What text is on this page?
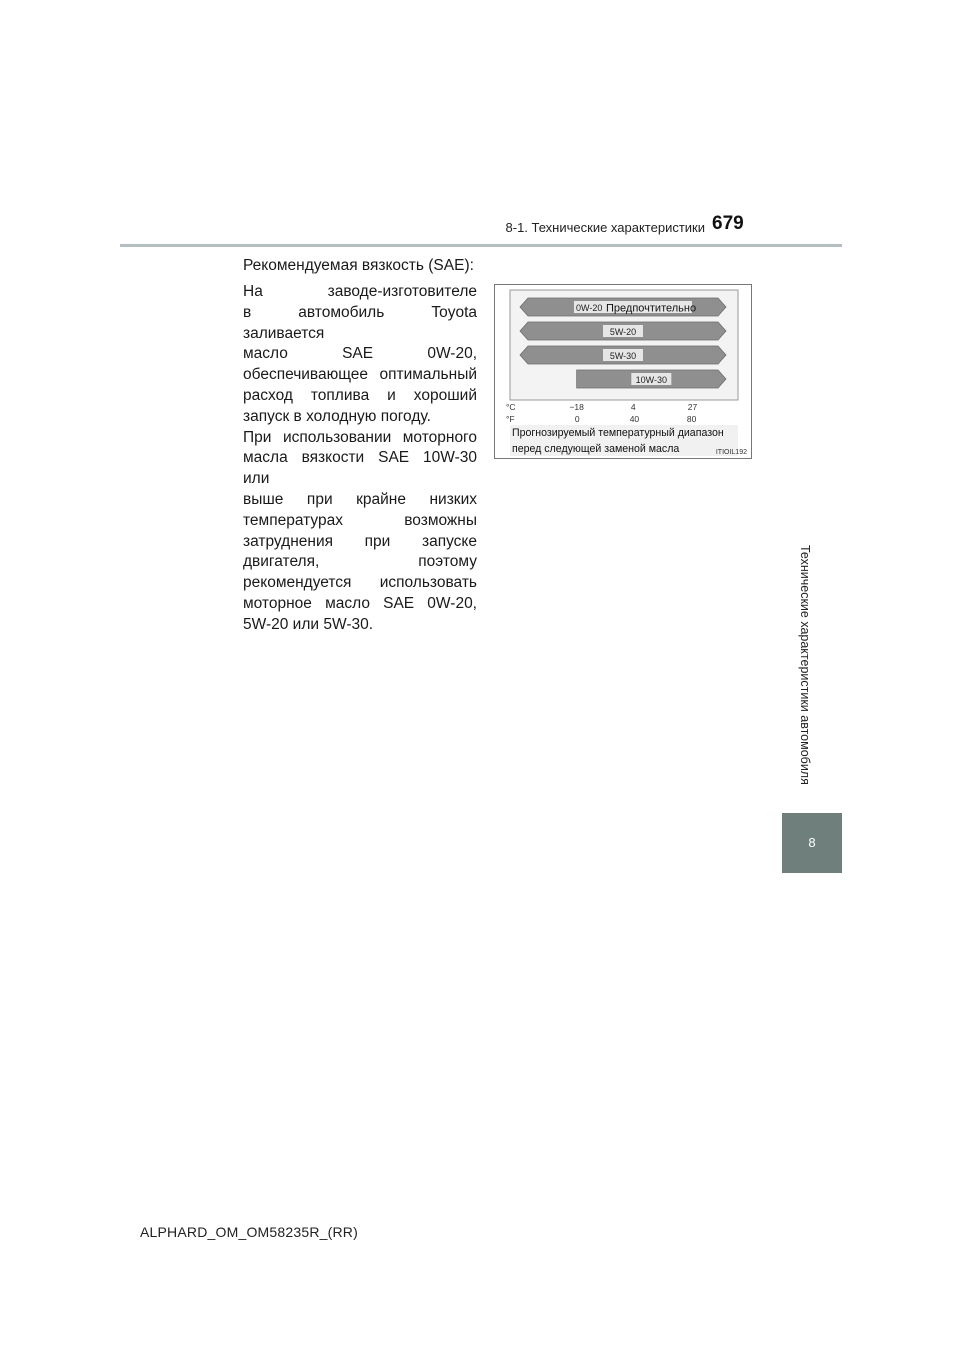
8-1. Технические характеристики 679
Технические характеристики автомобиля
8
Рекомендуемая вязкость (SAE):

На заводе-изготовителе

в автомобиль Toyota заливается

масло SAE 0W-20,

обеспечивающее оптимальный

расход топлива и хороший

запуск в холодную погоду.

При использовании моторного

масла вязкости SAE 10W-30 или

выше при крайне низких

температурах возможны

затруднения при запуске

двигателя, поэтому

рекомендуется использовать

моторное масло SAE 0W-20,

5W-20 или 5W-30.

0W-20 Предпочтительно
5W-20
5W-30
10W-30
°C
°F
−18	4	27
0	40	80
Прогнозируемый температурный диапазон
перед следующей заменой масла	ITIOIL192
ALPHARD_OM_OM58235R_(RR)
